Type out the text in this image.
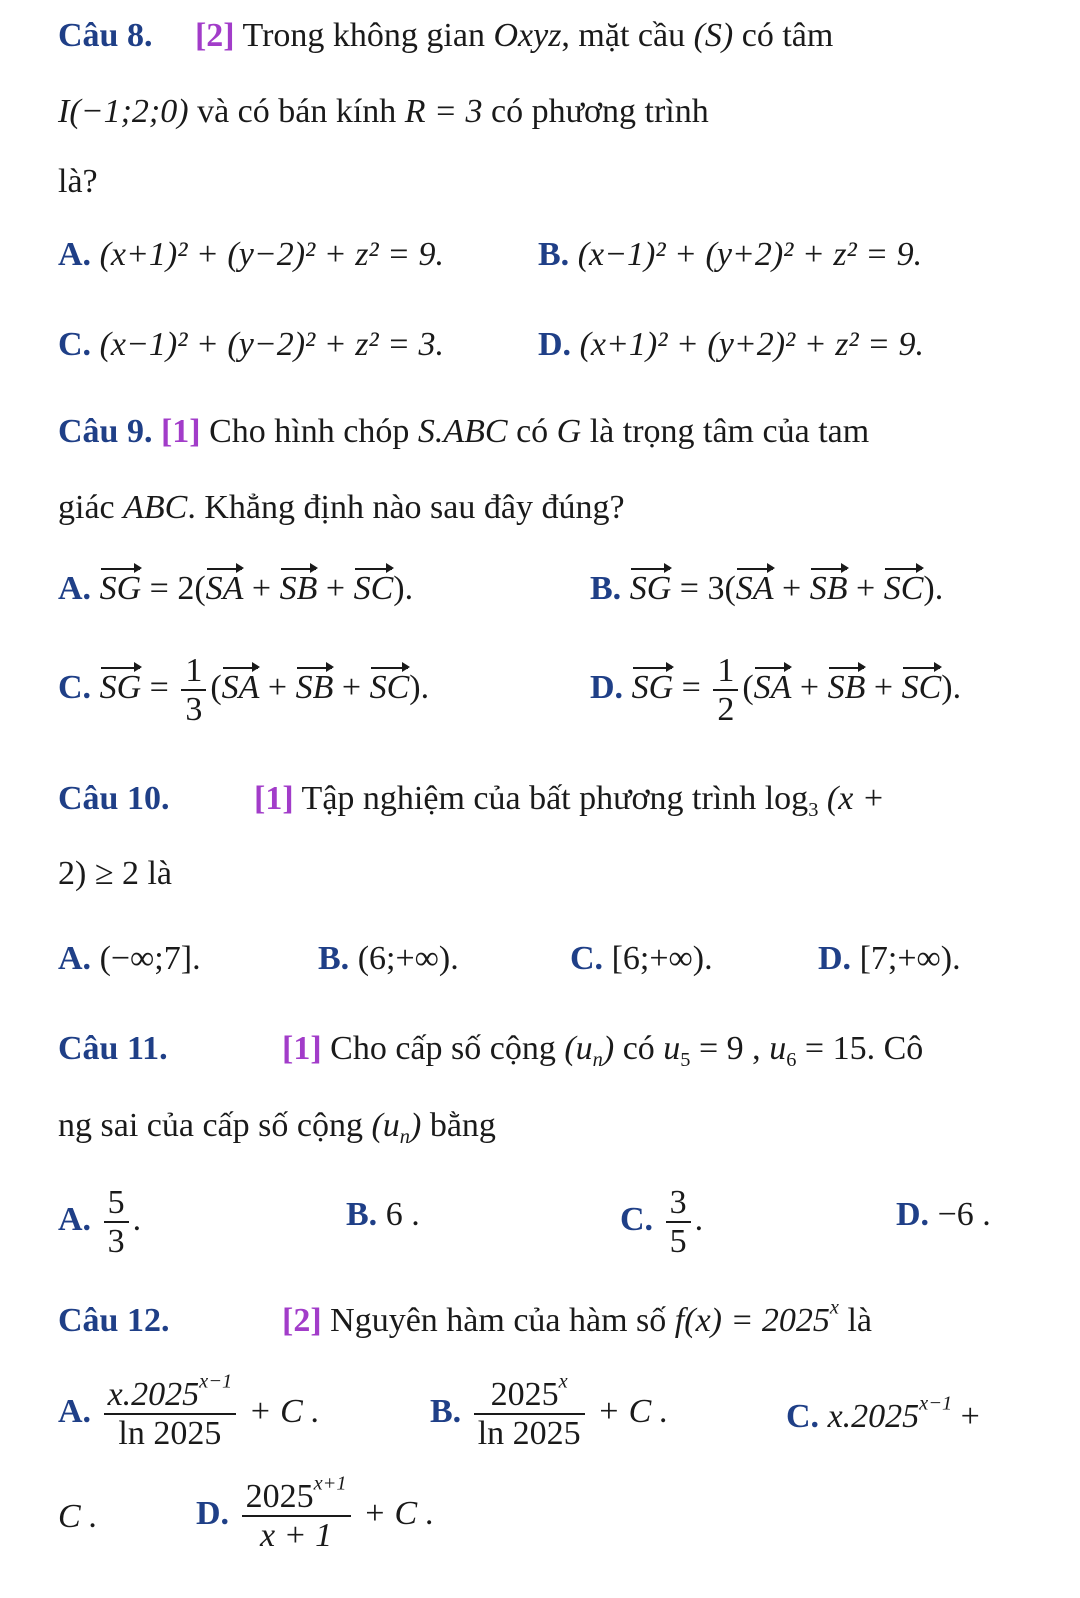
Câu 8. [2] Trong không gian Oxyz, mặt cầu (S) có tâm
I(−1;2;0) và có bán kính R = 3 có phương trình
là?
A. (x+1)² + (y−2)² + z² = 9.	B. (x−1)² + (y+2)² + z² = 9.
C. (x−1)² + (y−2)² + z² = 3.	D. (x+1)² + (y+2)² + z² = 9.
Câu 9. [1] Cho hình chóp S.ABC có G là trọng tâm của tam
giác ABC. Khẳng định nào sau đây đúng?
A. SG = 2(SA + SB + SC).	B. SG = 3(SA + SB + SC).
C. SG = $\frac{1}{3} (SA$ + SB + SC).	D. SG = $\frac{1}{2} (SA$ + SB + SC).
Câu 10. [1] Tập nghiệm của bất phương trình $\log_3 (x$ +
2) ≥ 2 là
A. (−∞;7].	B. (6;+∞).	C. [6;+∞).	D. [7;+∞).
Câu 11.	[1] Cho cấp số cộng $(u_n)$ có $u_5 = 9$ , $u_6 = 15$. Cô
ng sai của cấp số cộng $(u_n)$ bằng
A. $\frac{5}{3}$ .	B. 6 .	C. $\frac{3}{5}$ .	D. −6 .
Câu 12.	[2] Nguyên hàm của hàm số $f(x) = 2025^x$ là
A. $\frac{x.2025^{x-1}}{\ln 2025} + C$ .	B. $\frac{2025^x}{\ln 2025} + C$ .	C. $x.2025^{x-1}$ +
C .	D. $\frac{2025^{x+1}}{x + 1} + C$ .
